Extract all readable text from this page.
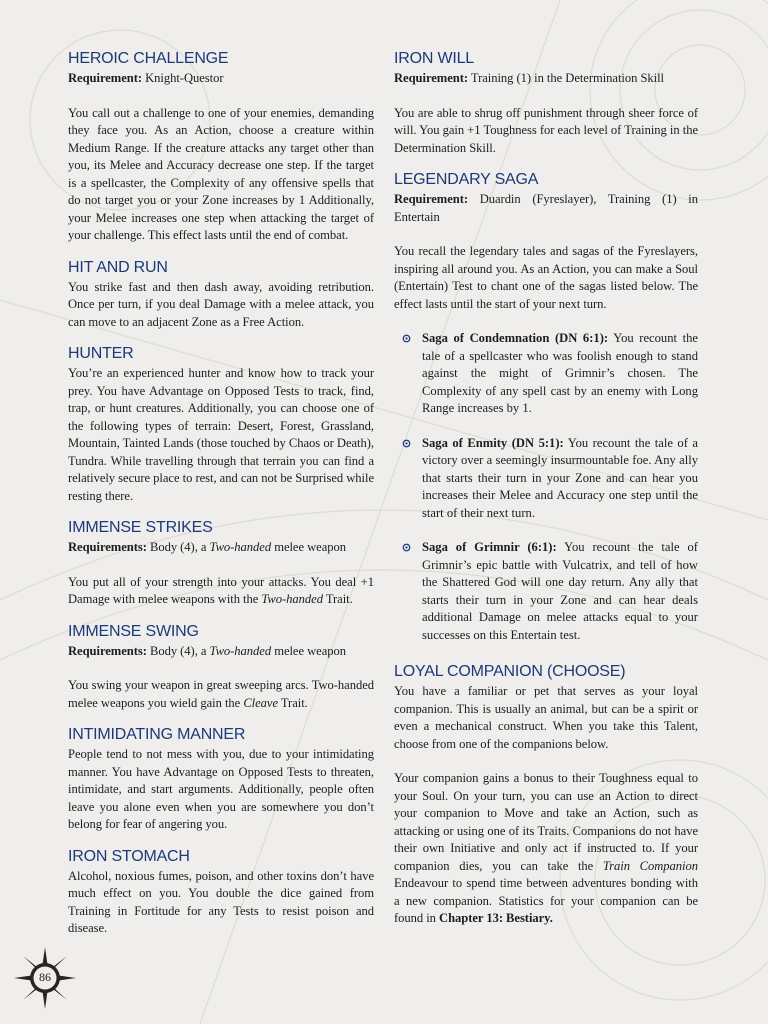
HEROIC CHALLENGE

Requirement: Knight-Questor

You call out a challenge to one of your enemies, demanding they face you. As an Action, choose a creature within Medium Range. If the creature attacks any target other than you, its Melee and Accuracy decrease one step. If the target is a spellcaster, the Complexity of any offensive spells that do not target you or your Zone increases by 1 Additionally, your Melee increases one step when attacking the target of your challenge. This effect lasts until the end of combat.

HIT AND RUN

You strike fast and then dash away, avoiding retribution. Once per turn, if you deal Damage with a melee attack, you can move to an adjacent Zone as a Free Action.

HUNTER

You’re an experienced hunter and know how to track your prey. You have Advantage on Opposed Tests to track, find, trap, or hunt creatures. Additionally, you can choose one of the following types of terrain: Desert, Forest, Grassland, Mountain, Tainted Lands (those touched by Chaos or Death), Tundra. While travelling through that terrain you can find a relatively secure place to rest, and can not be Surprised while resting there.

IMMENSE STRIKES

Requirements: Body (4), a Two-handed melee weapon

You put all of your strength into your attacks. You deal +1 Damage with melee weapons with the Two-handed Trait.

IMMENSE SWING

Requirements: Body (4), a Two-handed melee weapon

You swing your weapon in great sweeping arcs. Two-handed melee weapons you wield gain the Cleave Trait.

INTIMIDATING MANNER

People tend to not mess with you, due to your intimidating manner. You have Advantage on Opposed Tests to threaten, intimidate, and start arguments. Additionally, people often leave you alone even when you are somewhere you don’t belong for fear of angering you.

IRON STOMACH

Alcohol, noxious fumes, poison, and other toxins don’t have much effect on you. You double the dice gained from Training in Fortitude for any Tests to resist poison and disease.

IRON WILL

Requirement: Training (1) in the Determination Skill

You are able to shrug off punishment through sheer force of will. You gain +1 Toughness for each level of Training in the Determination Skill.

LEGENDARY SAGA

Requirement: Duardin (Fyreslayer), Training (1) in Entertain

You recall the legendary tales and sagas of the Fyreslayers, inspiring all around you. As an Action, you can make a Soul (Entertain) Test to chant one of the sagas listed below. The effect lasts until the start of your next turn.

Saga of Condemnation (DN 6:1): You recount the tale of a spellcaster who was foolish enough to stand against the might of Grimnir’s chosen. The Complexity of any spell cast by an enemy with Long Range increases by 1.
Saga of Enmity (DN 5:1): You recount the tale of a victory over a seemingly insurmountable foe. Any ally that starts their turn in your Zone and can hear you increases their Melee and Accuracy one step until the start of their next turn.
Saga of Grimnir (6:1): You recount the tale of Grimnir’s epic battle with Vulcatrix, and tell of how the Shattered God will one day return. Any ally that starts their turn in your Zone and can hear deals additional Damage on melee attacks equal to your successes on this Entertain test.
LOYAL COMPANION (CHOOSE)

You have a familiar or pet that serves as your loyal companion. This is usually an animal, but can be a spirit or even a mechanical construct. When you take this Talent, choose from one of the companions below.

Your companion gains a bonus to their Toughness equal to your Soul. On your turn, you can use an Action to direct your companion to Move and take an Action, such as attacking or using one of its Traits. Companions do not have their own Initiative and only act if instructed to. If your companion dies, you can take the Train Companion Endeavour to spend time between adventures bonding with a new companion. Statistics for your companion can be found in Chapter 13: Bestiary.

86
